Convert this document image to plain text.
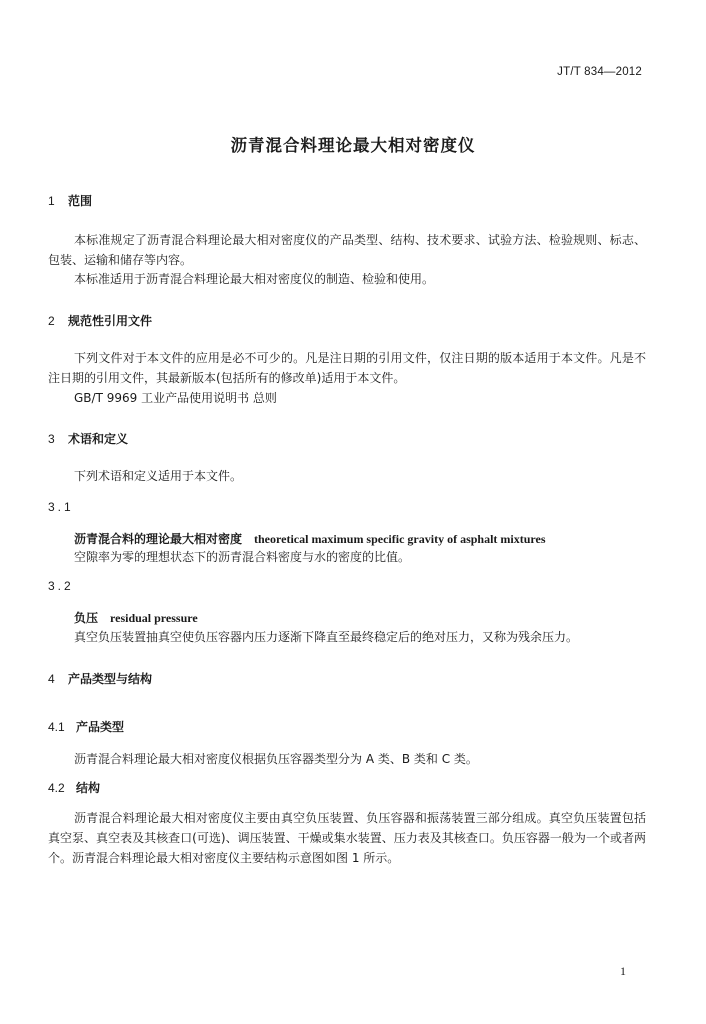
JT/T 834—2012
沥青混合料理论最大相对密度仪
1	范围
本标准规定了沥青混合料理论最大相对密度仪的产品类型、结构、技术要求、试验方法、检验规则、标志、包装、运输和储存等内容。
本标准适用于沥青混合料理论最大相对密度仪的制造、检验和使用。
2	规范性引用文件
下列文件对于本文件的应用是必不可少的。凡是注日期的引用文件，仅注日期的版本适用于本文件。凡是不注日期的引用文件，其最新版本(包括所有的修改单)适用于本文件。
GB/T 9969 工业产品使用说明书 总则
3	术语和定义
下列术语和定义适用于本文件。
3.1
沥青混合料的理论最大相对密度 theoretical maximum specific gravity of asphalt mixtures
空隙率为零的理想状态下的沥青混合料密度与水的密度的比值。
3.2
负压 residual pressure
真空负压装置抽真空使负压容器内压力逐渐下降直至最终稳定后的绝对压力，又称为残余压力。
4	产品类型与结构
4.1 产品类型
沥青混合料理论最大相对密度仪根据负压容器类型分为 A 类、B 类和 C 类。
4.2 结构
沥青混合料理论最大相对密度仪主要由真空负压装置、负压容器和振荡装置三部分组成。真空负压装置包括真空泵、真空表及其核查口(可选)、调压装置、干燥或集水装置、压力表及其核查口。负压容器一般为一个或者两个。沥青混合料理论最大相对密度仪主要结构示意图如图 1 所示。
1
